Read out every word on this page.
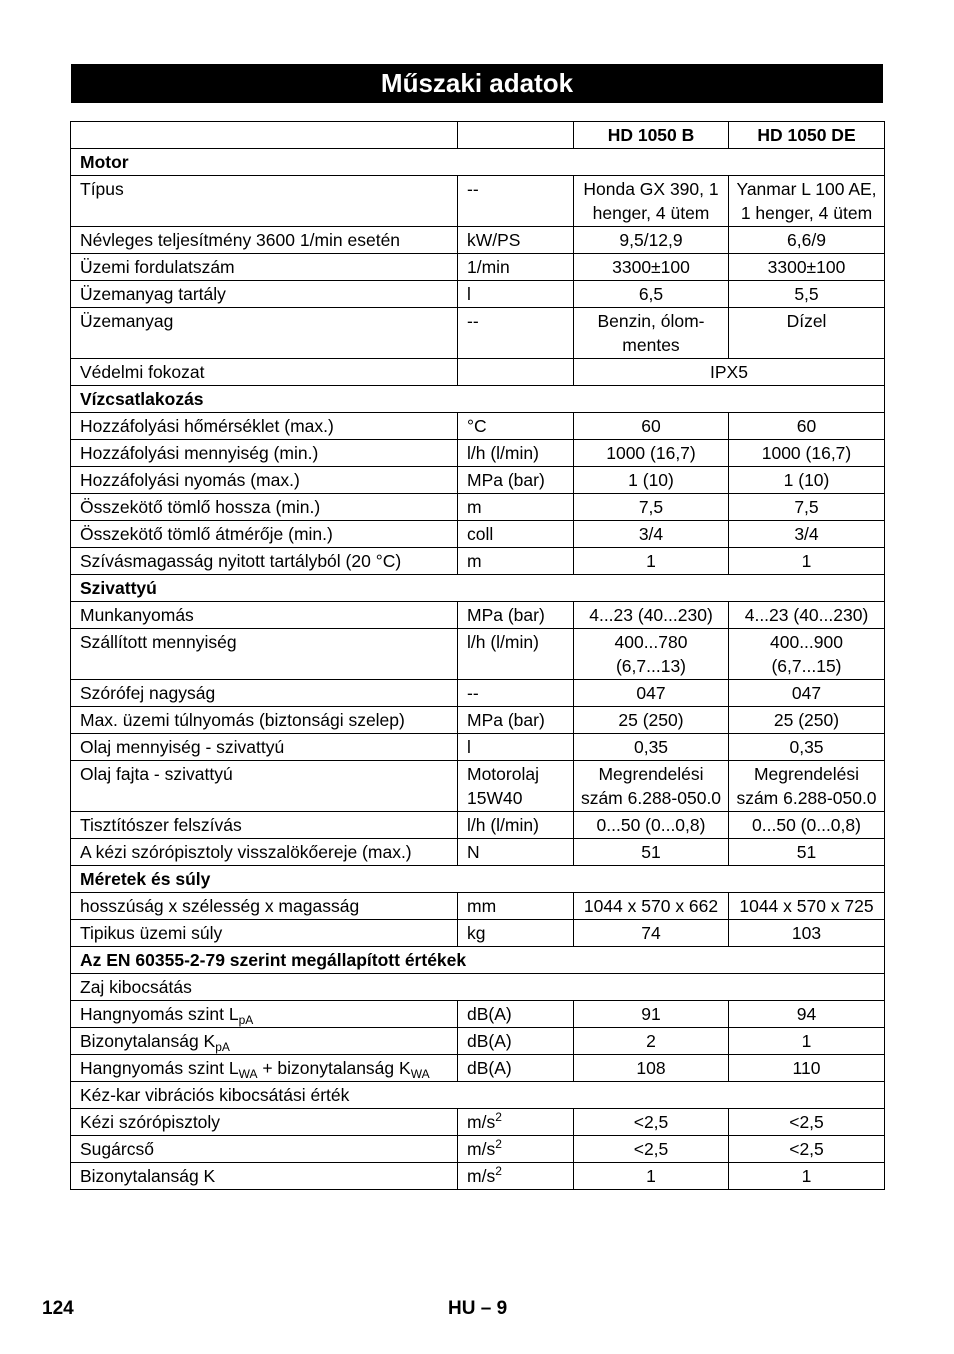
Műszaki adatok
		HD 1050 B	HD 1050 DE
Motor			
Típus	--	Honda GX 390, 1 henger, 4 ütem	Yanmar L 100 AE, 1 henger, 4 ütem
Névleges teljesítmény 3600 1/min esetén	kW/PS	9,5/12,9	6,6/9
Üzemi fordulatszám	1/min	3300±100	3300±100
Üzemanyag tartály	l	6,5	5,5
Üzemanyag	--	Benzin, ólom-mentes	Dízel
Védelmi fokozat		IPX5	
Vízcsatlakozás			
Hozzáfolyási hőmérséklet (max.)	°C	60	60
Hozzáfolyási mennyiség (min.)	l/h (l/min)	1000 (16,7)	1000 (16,7)
Hozzáfolyási nyomás (max.)	MPa (bar)	1 (10)	1 (10)
Összekötő tömlő hossza (min.)	m	7,5	7,5
Összekötő tömlő átmérője (min.)	coll	3/4	3/4
Szívásmagasság nyitott tartályból (20 °C)	m	1	1
Szivattyú			
Munkanyomás	MPa (bar)	4...23 (40...230)	4...23 (40...230)
Szállított mennyiség	l/h (l/min)	400...780 (6,7...13)	400...900 (6,7...15)
Szórófej nagyság	--	047	047
Max. üzemi túlnyomás (biztonsági szelep)	MPa (bar)	25 (250)	25 (250)
Olaj mennyiség - szivattyú	l	0,35	0,35
Olaj fajta - szivattyú	Motorolaj 15W40	Megrendelési szám 6.288-050.0	Megrendelési szám 6.288-050.0
Tisztítószer felszívás	l/h (l/min)	0...50 (0...0,8)	0...50 (0...0,8)
A kézi szórópisztoly visszalökőereje (max.)	N	51	51
Méretek és súly			
hosszúság x szélesség x magasság	mm	1044 x 570 x 662	1044 x 570 x 725
Tipikus üzemi súly	kg	74	103
Az EN 60355-2-79 szerint megállapított értékek			
Zaj kibocsátás			
Hangnyomás szint $L_{pA}$	dB(A)	91	94
Bizonytalanság $K_{pA}$	dB(A)	2	1
Hangnyomás szint $L_{WA}$ + bizonytalanság $K_{WA}$	dB(A)	108	110
Kéz-kar vibrációs kibocsátási érték			
Kézi szórópisztoly	$m/s^2$	<2,5	<2,5
Sugárcső	$m/s^2$	<2,5	<2,5
Bizonytalanság K	$m/s^2$	1	1
124	HU – 9
